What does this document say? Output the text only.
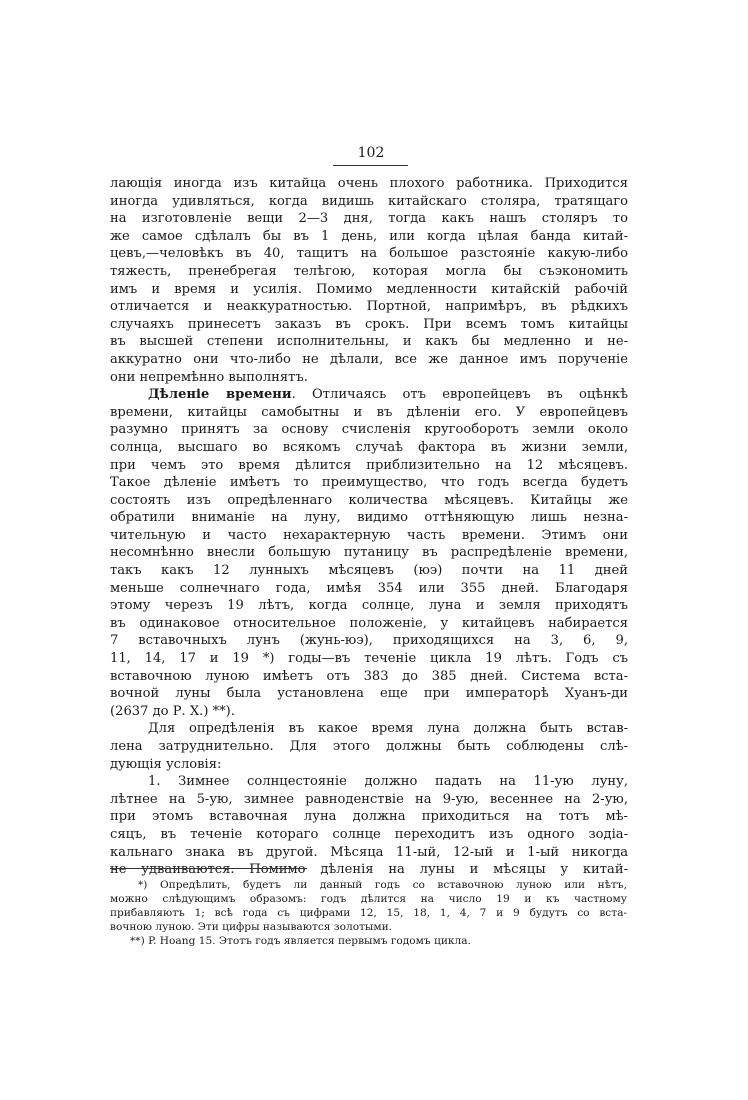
102
лающія иногда изъ китайца очень плохого работника. Приходится
иногда удивляться, когда видишь китайскаго столяра, тратящаго
на изготовленіе вещи 2—3 дня, тогда какъ нашъ столяръ то
же самое сдѣлалъ бы въ 1 день, или когда цѣлая банда китай-
цевъ,—человѣкъ въ 40, тащитъ на большое разстояніе какую-либо
тяжесть, пренебрегая телѣгою, которая могла бы съэкономить
имъ и время и усилія. Помимо медленности китайскій рабочій
отличается и неаккуратностью. Портной, напримѣръ, въ рѣдкихъ
случаяхъ принесетъ заказъ въ срокъ. При всемъ томъ китайцы
въ высшей степени исполнительны, и какъ бы медленно и не-
аккуратно они что-либо не дѣлали, все же данное имъ порученіе
они непремѣнно выполнятъ.
Дѣленіе времени. Отличаясь отъ европейцевъ въ оцѣнкѣ
времени, китайцы самобытны и въ дѣленіи его. У европейцевъ
разумно принятъ за основу счисленія кругооборотъ земли около
солнца, высшаго во всякомъ случаѣ фактора въ жизни земли,
при чемъ это время дѣлится приблизительно на 12 мѣсяцевъ.
Такое дѣленіе имѣетъ то преимущество, что годъ всегда будетъ
состоять изъ опредѣленнаго количества мѣсяцевъ. Китайцы же
обратили вниманіе на луну, видимо оттѣняющую лишь незна-
чительную и часто нехарактерную часть времени. Этимъ они
несомнѣнно внесли большую путаницу въ распредѣленіе времени,
такъ какъ 12 лунныхъ мѣсяцевъ (юэ) почти на 11 дней
меньше солнечнаго года, имѣя 354 или 355 дней. Благодаря
этому черезъ 19 лѣтъ, когда солнце, луна и земля приходятъ
въ одинаковое относительное положеніе, у китайцевъ набирается
7 вставочныхъ лунъ (жунь-юэ), приходящихся на 3, 6, 9,
11, 14, 17 и 19 *) годы—въ теченіе цикла 19 лѣтъ. Годъ съ
вставочною луною имѣетъ отъ 383 до 385 дней. Система вста-
вочной луны была установлена еще при императорѣ Хуанъ-ди
(2637 до Р. Х.) **).
Для опредѣленія въ какое время луна должна быть встав-
лена затруднительно. Для этого должны быть соблюдены слѣ-
дующія условія:
1. Зимнее солнцестояніе должно падать на 11-ую луну,
лѣтнее на 5-ую, зимнее равноденствіе на 9-ую, весеннее на 2-ую,
при этомъ вставочная луна должна приходиться на тотъ мѣ-
сяцъ, въ теченіе котораго солнце переходитъ изъ одного зодіа-
кальнаго знака въ другой. Мѣсяца 11-ый, 12-ый и 1-ый никогда
не удваиваются. Помимо дѣленія на луны и мѣсяцы у китай-
*) Опредѣлить, будетъ ли данный годъ со вставочною луною или нѣтъ,
можно слѣдующимъ образомъ: годъ дѣлится на число 19 и къ частному
прибавляютъ 1; всѣ года съ цифрами 12, 15, 18, 1, 4, 7 и 9 будутъ со вста-
вочною луною. Эти цифры называются золотыми.
**) P. Hoang 15. Этотъ годъ является первымъ годомъ цикла.
